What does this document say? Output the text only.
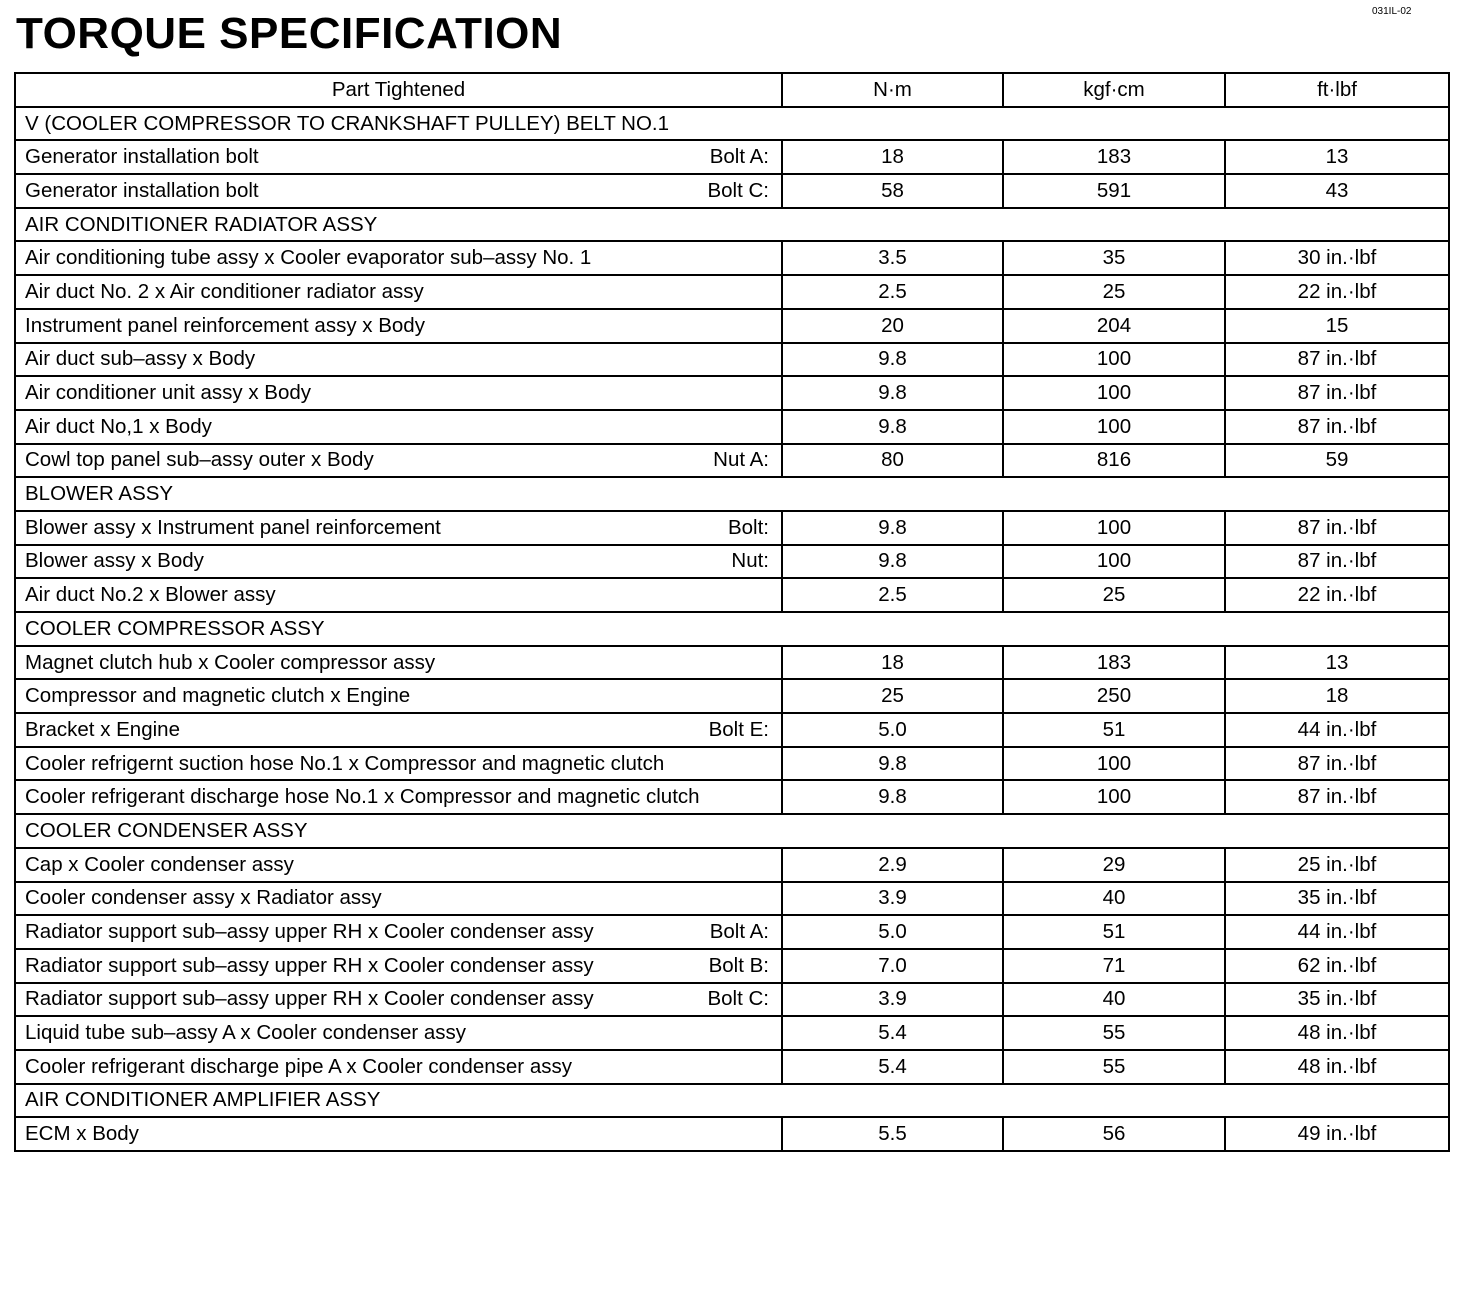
031IL-02
TORQUE SPECIFICATION
Part Tightened	N·m	kgf·cm	ft·lbf
V (COOLER COMPRESSOR TO CRANKSHAFT PULLEY) BELT NO.1			
Generator installation bolt Bolt A:	18	183	13
Generator installation bolt Bolt C:	58	591	43
AIR CONDITIONER RADIATOR ASSY			
Air conditioning tube assy x Cooler evaporator sub–assy No. 1	3.5	35	30 in.·lbf
Air duct No. 2 x Air conditioner radiator assy	2.5	25	22 in.·lbf
Instrument panel reinforcement assy x Body	20	204	15
Air duct sub–assy x Body	9.8	100	87 in.·lbf
Air conditioner unit assy x Body	9.8	100	87 in.·lbf
Air duct No,1 x Body	9.8	100	87 in.·lbf
Cowl top panel sub–assy outer x Body Nut A:	80	816	59
BLOWER ASSY			
Blower assy x Instrument panel reinforcement Bolt:	9.8	100	87 in.·lbf
Blower assy x Body Nut:	9.8	100	87 in.·lbf
Air duct No.2 x Blower assy	2.5	25	22 in.·lbf
COOLER COMPRESSOR ASSY			
Magnet clutch hub x Cooler compressor assy	18	183	13
Compressor and magnetic clutch x Engine	25	250	18
Bracket x Engine Bolt E:	5.0	51	44 in.·lbf
Cooler refrigernt suction hose No.1 x Compressor and magnetic clutch	9.8	100	87 in.·lbf
Cooler refrigerant discharge hose No.1 x Compressor and magnetic clutch	9.8	100	87 in.·lbf
COOLER CONDENSER ASSY			
Cap x Cooler condenser assy	2.9	29	25 in.·lbf
Cooler condenser assy x Radiator assy	3.9	40	35 in.·lbf
Radiator support sub–assy upper RH x Cooler condenser assy Bolt A:	5.0	51	44 in.·lbf
Radiator support sub–assy upper RH x Cooler condenser assy Bolt B:	7.0	71	62 in.·lbf
Radiator support sub–assy upper RH x Cooler condenser assy Bolt C:	3.9	40	35 in.·lbf
Liquid tube sub–assy A x Cooler condenser assy	5.4	55	48 in.·lbf
Cooler refrigerant discharge pipe A x Cooler condenser assy	5.4	55	48 in.·lbf
AIR CONDITIONER AMPLIFIER ASSY			
ECM x Body	5.5	56	49 in.·lbf
